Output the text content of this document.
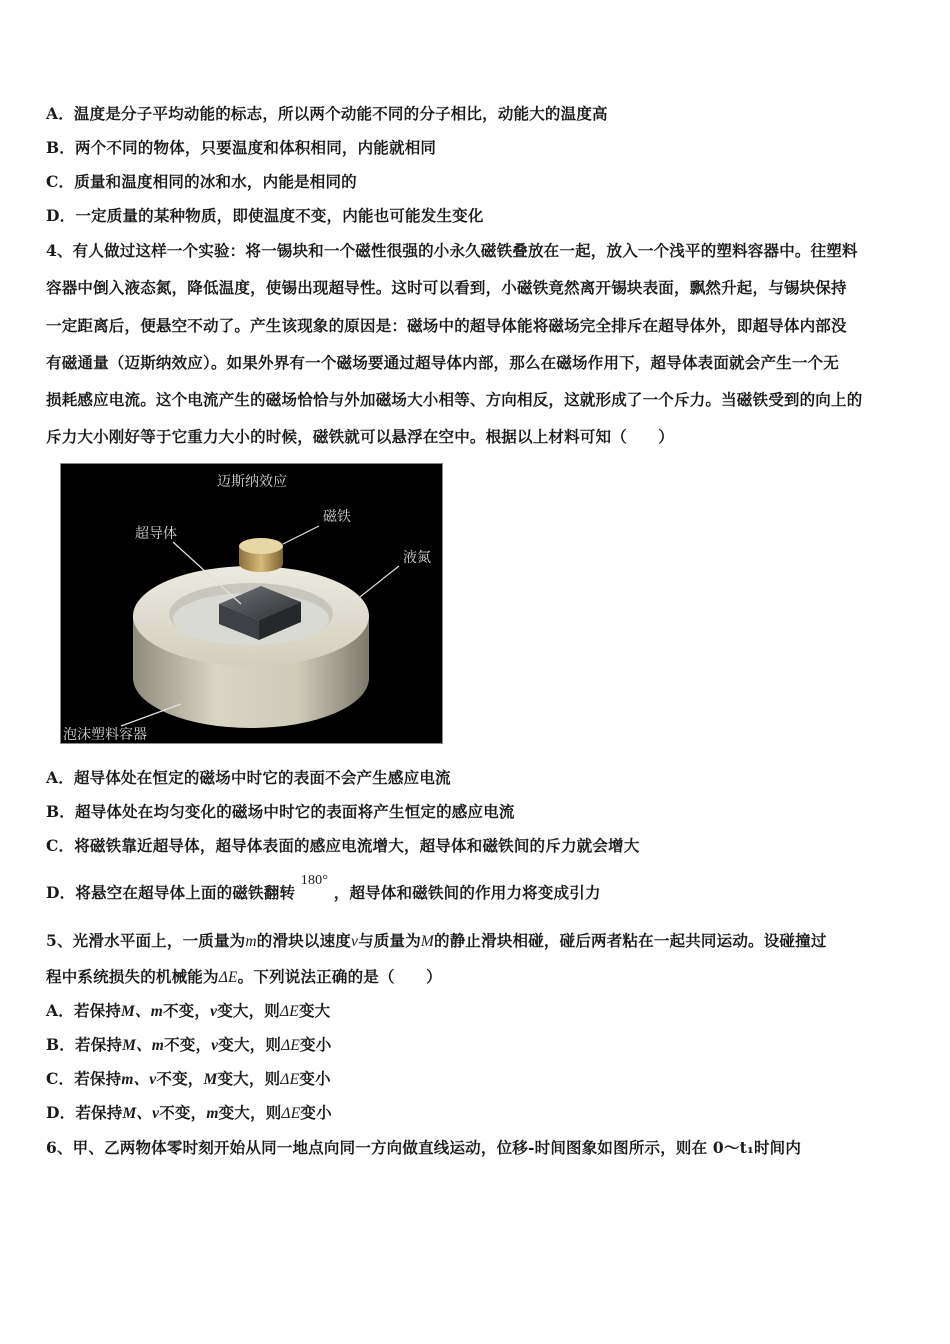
A．温度是分子平均动能的标志，所以两个动能不同的分子相比，动能大的温度高
B．两个不同的物体，只要温度和体积相同，内能就相同
C．质量和温度相同的冰和水，内能是相同的
D．一定质量的某种物质，即使温度不变，内能也可能发生变化
4、有人做过这样一个实验：将一锡块和一个磁性很强的小永久磁铁叠放在一起，放入一个浅平的塑料容器中。往塑料
容器中倒入液态氮，降低温度，使锡出现超导性。这时可以看到，小磁铁竟然离开锡块表面，飘然升起，与锡块保持
一定距离后，便悬空不动了。产生该现象的原因是：磁场中的超导体能将磁场完全排斥在超导体外，即超导体内部没
有磁通量（迈斯纳效应）。如果外界有一个磁场要通过超导体内部，那么在磁场作用下，超导体表面就会产生一个无
损耗感应电流。这个电流产生的磁场恰恰与外加磁场大小相等、方向相反，这就形成了一个斥力。当磁铁受到的向上的
斥力大小刚好等于它重力大小的时候，磁铁就可以悬浮在空中。根据以上材料可知（　　）
迈斯纳效应
超导体
磁铁
液氮
泡沫塑料容器
A．超导体处在恒定的磁场中时它的表面不会产生感应电流
B．超导体处在均匀变化的磁场中时它的表面将产生恒定的感应电流
C．将磁铁靠近超导体，超导体表面的感应电流增大，超导体和磁铁间的斥力就会增大
D．将悬空在超导体上面的磁铁翻转 180° ，超导体和磁铁间的作用力将变成引力
5、光滑水平面上，一质量为m的滑块以速度v与质量为M的静止滑块相碰，碰后两者粘在一起共同运动。设碰撞过
程中系统损失的机械能为ΔE。下列说法正确的是（　　）
A．若保持M、m不变，v变大，则ΔE变大
B．若保持M、m不变，v变大，则ΔE变小
C．若保持m、v不变，M变大，则ΔE变小
D．若保持M、v不变，m变大，则ΔE变小
6、甲、乙两物体零时刻开始从同一地点向同一方向做直线运动，位移-时间图象如图所示，则在 0～t₁时间内
